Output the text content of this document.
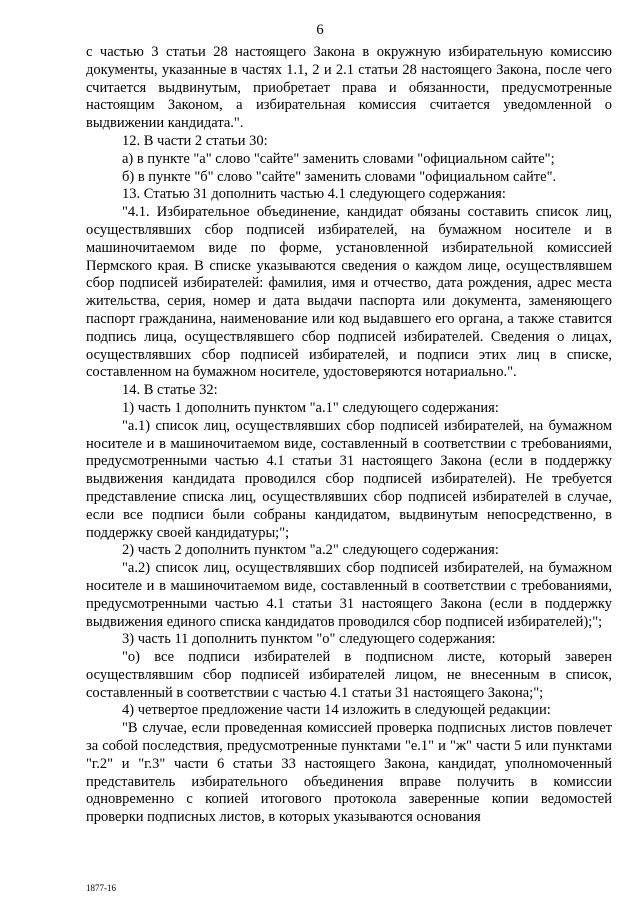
6

с частью 3 статьи 28 настоящего Закона в окружную избирательную комиссию документы, указанные в частях 1.1, 2 и 2.1 статьи 28 настоящего Закона, после чего считается выдвинутым, приобретает права и обязанности, предусмотренные настоящим Законом, а избирательная комиссия считается уведомленной о выдвижении кандидата.".

12. В части 2 статьи 30:

а) в пункте "а" слово "сайте" заменить словами "официальном сайте";

б) в пункте "б" слово "сайте" заменить словами "официальном сайте".

13. Статью 31 дополнить частью 4.1 следующего содержания:

"4.1. Избирательное объединение, кандидат обязаны составить список лиц, осуществлявших сбор подписей избирателей, на бумажном носителе и в машиночитаемом виде по форме, установленной избирательной комиссией Пермского края. В списке указываются сведения о каждом лице, осуществлявшем сбор подписей избирателей: фамилия, имя и отчество, дата рождения, адрес места жительства, серия, номер и дата выдачи паспорта или документа, заменяющего паспорт гражданина, наименование или код выдавшего его органа, а также ставится подпись лица, осуществлявшего сбор подписей избирателей. Сведения о лицах, осуществлявших сбор подписей избирателей, и подписи этих лиц в списке, составленном на бумажном носителе, удостоверяются нотариально.".

14. В статье 32:

1) часть 1 дополнить пунктом "а.1" следующего содержания:

"а.1) список лиц, осуществлявших сбор подписей избирателей, на бумажном носителе и в машиночитаемом виде, составленный в соответствии с требованиями, предусмотренными частью 4.1 статьи 31 настоящего Закона (если в поддержку выдвижения кандидата проводился сбор подписей избирателей). Не требуется представление списка лиц, осуществлявших сбор подписей избирателей в случае, если все подписи были собраны кандидатом, выдвинутым непосредственно, в поддержку своей кандидатуры;";

2) часть 2 дополнить пунктом "а.2" следующего содержания:

"а.2) список лиц, осуществлявших сбор подписей избирателей, на бумажном носителе и в машиночитаемом виде, составленный в соответствии с требованиями, предусмотренными частью 4.1 статьи 31 настоящего Закона (если в поддержку выдвижения единого списка кандидатов проводился сбор подписей избирателей);";

3) часть 11 дополнить пунктом "о" следующего содержания:

"о) все подписи избирателей в подписном листе, который заверен осуществлявшим сбор подписей избирателей лицом, не внесенным в список, составленный в соответствии с частью 4.1 статьи 31 настоящего Закона;";

4) четвертое предложение части 14 изложить в следующей редакции:

"В случае, если проведенная комиссией проверка подписных листов повлечет за собой последствия, предусмотренные пунктами "е.1" и "ж" части 5 или пунктами "г.2" и "г.3" части 6 статьи 33 настоящего Закона, кандидат, уполномоченный представитель избирательного объединения вправе получить в комиссии одновременно с копией итогового протокола заверенные копии ведомостей проверки подписных листов, в которых указываются основания

1877-16
